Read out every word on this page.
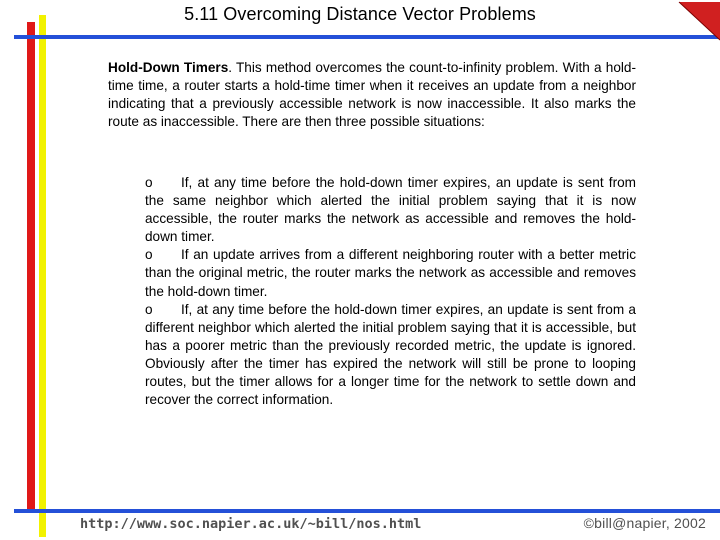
5.11 Overcoming Distance Vector Problems

Hold-Down Timers. This method overcomes the count-to-infinity problem. With a hold-time time, a router starts a hold-time timer when it receives an update from a neighbor indicating that a previously accessible network is now inaccessible. It also marks the route as inaccessible. There are then three possible situations:

o If, at any time before the hold-down timer expires, an update is sent from the same neighbor which alerted the initial problem saying that it is now accessible, the router marks the network as accessible and removes the hold-down timer.

o If an update arrives from a different neighboring router with a better metric than the original metric, the router marks the network as accessible and removes the hold-down timer.

o If, at any time before the hold-down timer expires, an update is sent from a different neighbor which alerted the initial problem saying that it is accessible, but has a poorer metric than the previously recorded metric, the update is ignored. Obviously after the timer has expired the network will still be prone to looping routes, but the timer allows for a longer time for the network to settle down and recover the correct information.

http://www.soc.napier.ac.uk/~bill/nos.html	©bill@napier, 2002
